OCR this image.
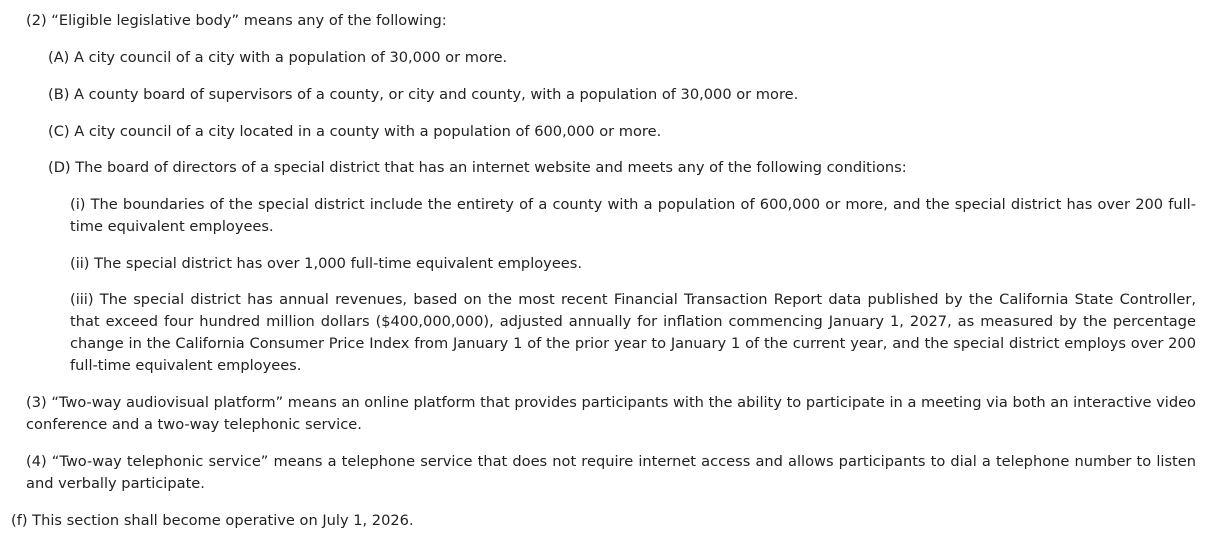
(2) “Eligible legislative body” means any of the following:

(A) A city council of a city with a population of 30,000 or more.

(B) A county board of supervisors of a county, or city and county, with a population of 30,000 or more.

(C) A city council of a city located in a county with a population of 600,000 or more.

(D) The board of directors of a special district that has an internet website and meets any of the following conditions:

(i) The boundaries of the special district include the entirety of a county with a population of 600,000 or more, and the special district has over 200 full-time equivalent employees.

(ii) The special district has over 1,000 full-time equivalent employees.

(iii) The special district has annual revenues, based on the most recent Financial Transaction Report data published by the California State Controller, that exceed four hundred million dollars ($400,000,000), adjusted annually for inflation commencing January 1, 2027, as measured by the percentage change in the California Consumer Price Index from January 1 of the prior year to January 1 of the current year, and the special district employs over 200 full-time equivalent employees.

(3) “Two-way audiovisual platform” means an online platform that provides participants with the ability to participate in a meeting via both an interactive video conference and a two-way telephonic service.

(4) “Two-way telephonic service” means a telephone service that does not require internet access and allows participants to dial a telephone number to listen and verbally participate.

(f) This section shall become operative on July 1, 2026.
